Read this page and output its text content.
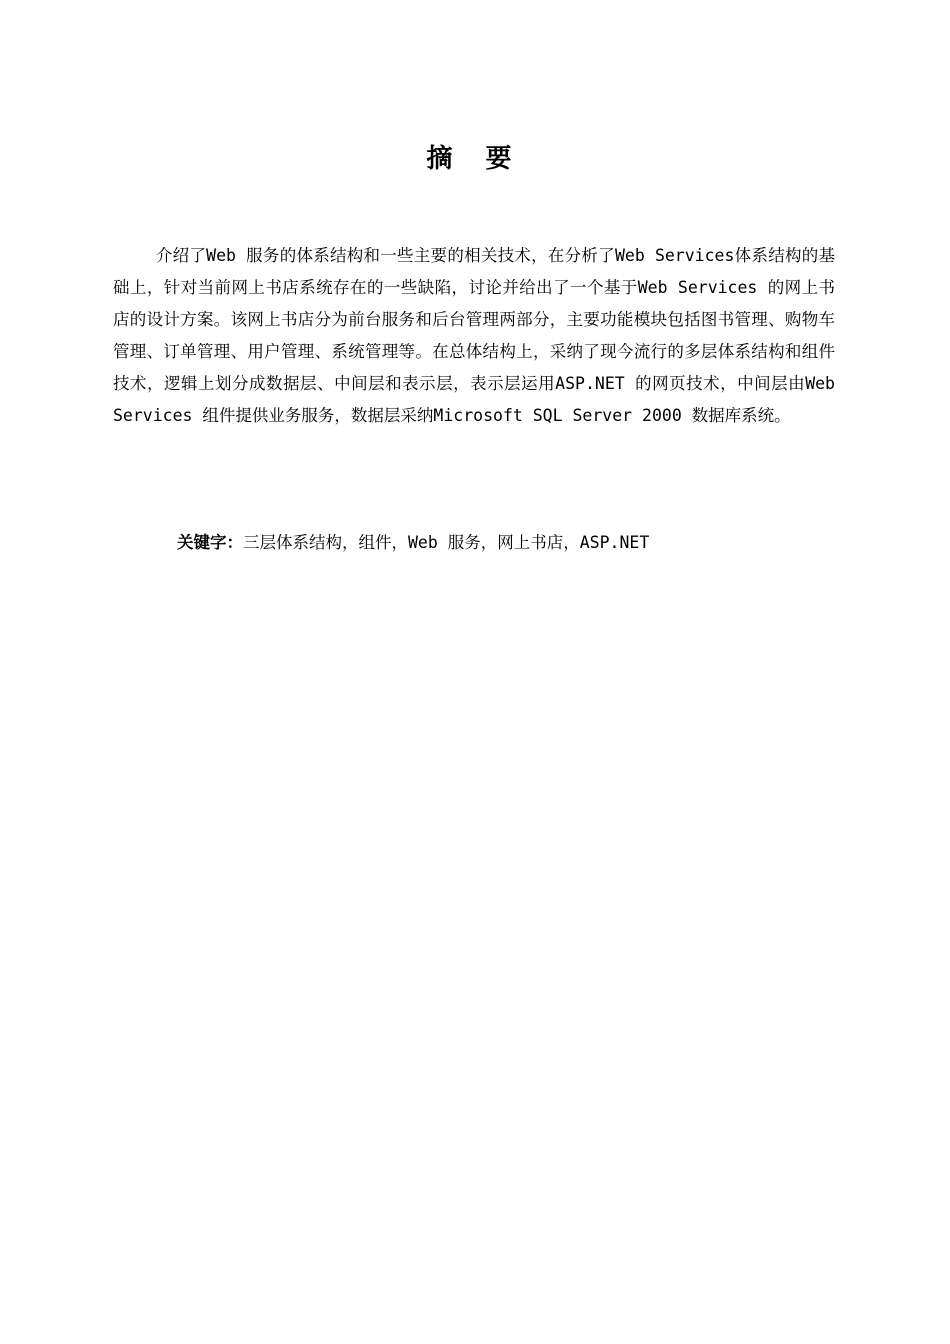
摘 要

介绍了Web 服务的体系结构和一些主要的相关技术，在分析了Web Services体系结构的基础上，针对当前网上书店系统存在的一些缺陷，讨论并给出了一个基于Web Services 的网上书店的设计方案。该网上书店分为前台服务和后台管理两部分，主要功能模块包括图书管理、购物车管理、订单管理、用户管理、系统管理等。在总体结构上，采纳了现今流行的多层体系结构和组件技术，逻辑上划分成数据层、中间层和表示层，表示层运用ASP.NET 的网页技术，中间层由Web Services 组件提供业务服务，数据层采纳Microsoft SQL Server 2000 数据库系统。

关键字：三层体系结构，组件，Web 服务，网上书店，ASP.NET
